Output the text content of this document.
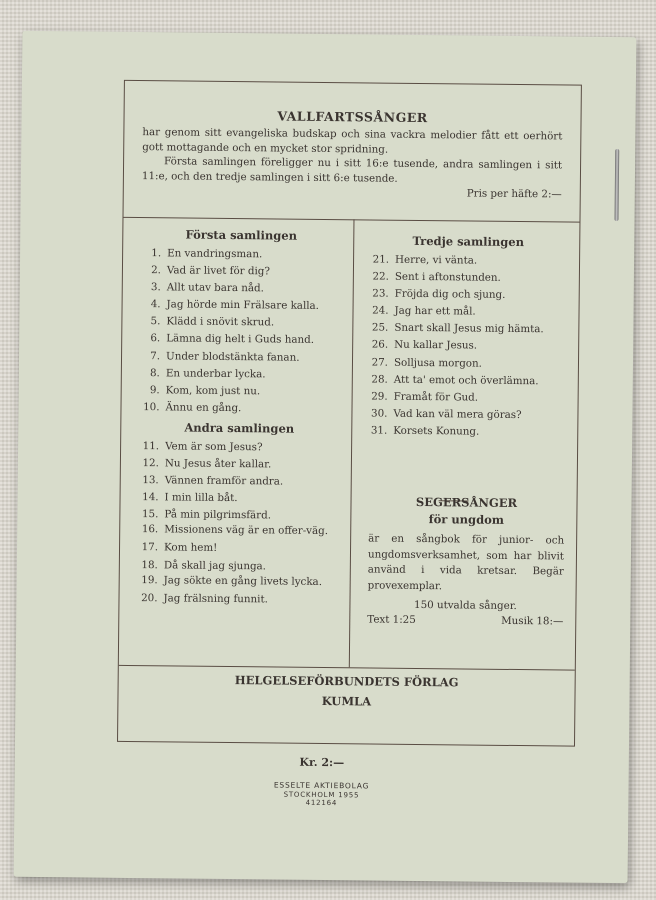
VALLFARTSSÅNGER

har genom sitt evangeliska budskap och sina vackra melodier fått ett oerhört gott mottagande och en mycket stor spridning.

Första samlingen föreligger nu i sitt 16:e tusende, andra samlingen i sitt 11:e, och den tredje samlingen i sitt 6:e tusende.

Pris per häfte 2:—
Första samlingen
1. En vandringsman.
2. Vad är livet för dig?
3. Allt utav bara nåd.
4. Jag hörde min Frälsare kalla.
5. Klädd i snövit skrud.
6. Lämna dig helt i Guds hand.
7. Under blodstänkta fanan.
8. En underbar lycka.
9. Kom, kom just nu.
10. Ännu en gång.
Andra samlingen
11. Vem är som Jesus?
12. Nu Jesus åter kallar.
13. Vännen framför andra.
14. I min lilla båt.
15. På min pilgrimsfärd.
16. Missionens väg är en offer-väg.
17. Kom hem!
18. Då skall jag sjunga.
19. Jag sökte en gång livets lycka.
20. Jag frälsning funnit.
Tredje samlingen
21. Herre, vi vänta.
22. Sent i aftonstunden.
23. Fröjda dig och sjung.
24. Jag har ett mål.
25. Snart skall Jesus mig hämta.
26. Nu kallar Jesus.
27. Solljusa morgon.
28. Att ta' emot och överlämna.
29. Framåt för Gud.
30. Vad kan väl mera göras?
31. Korsets Konung.
SEGERSÅNGER
för ungdom
är en sångbok för junior- och ungdomsverksamhet, som har blivit använd i vida kretsar. Begär provexemplar.
150 utvalda sånger.
Text 1:25	Musik 18:—
HELGELSEFÖRBUNDETS FÖRLAG
KUMLA
Kr. 2:—
ESSELTE AKTIEBOLAG
STOCKHOLM 1955
412164
